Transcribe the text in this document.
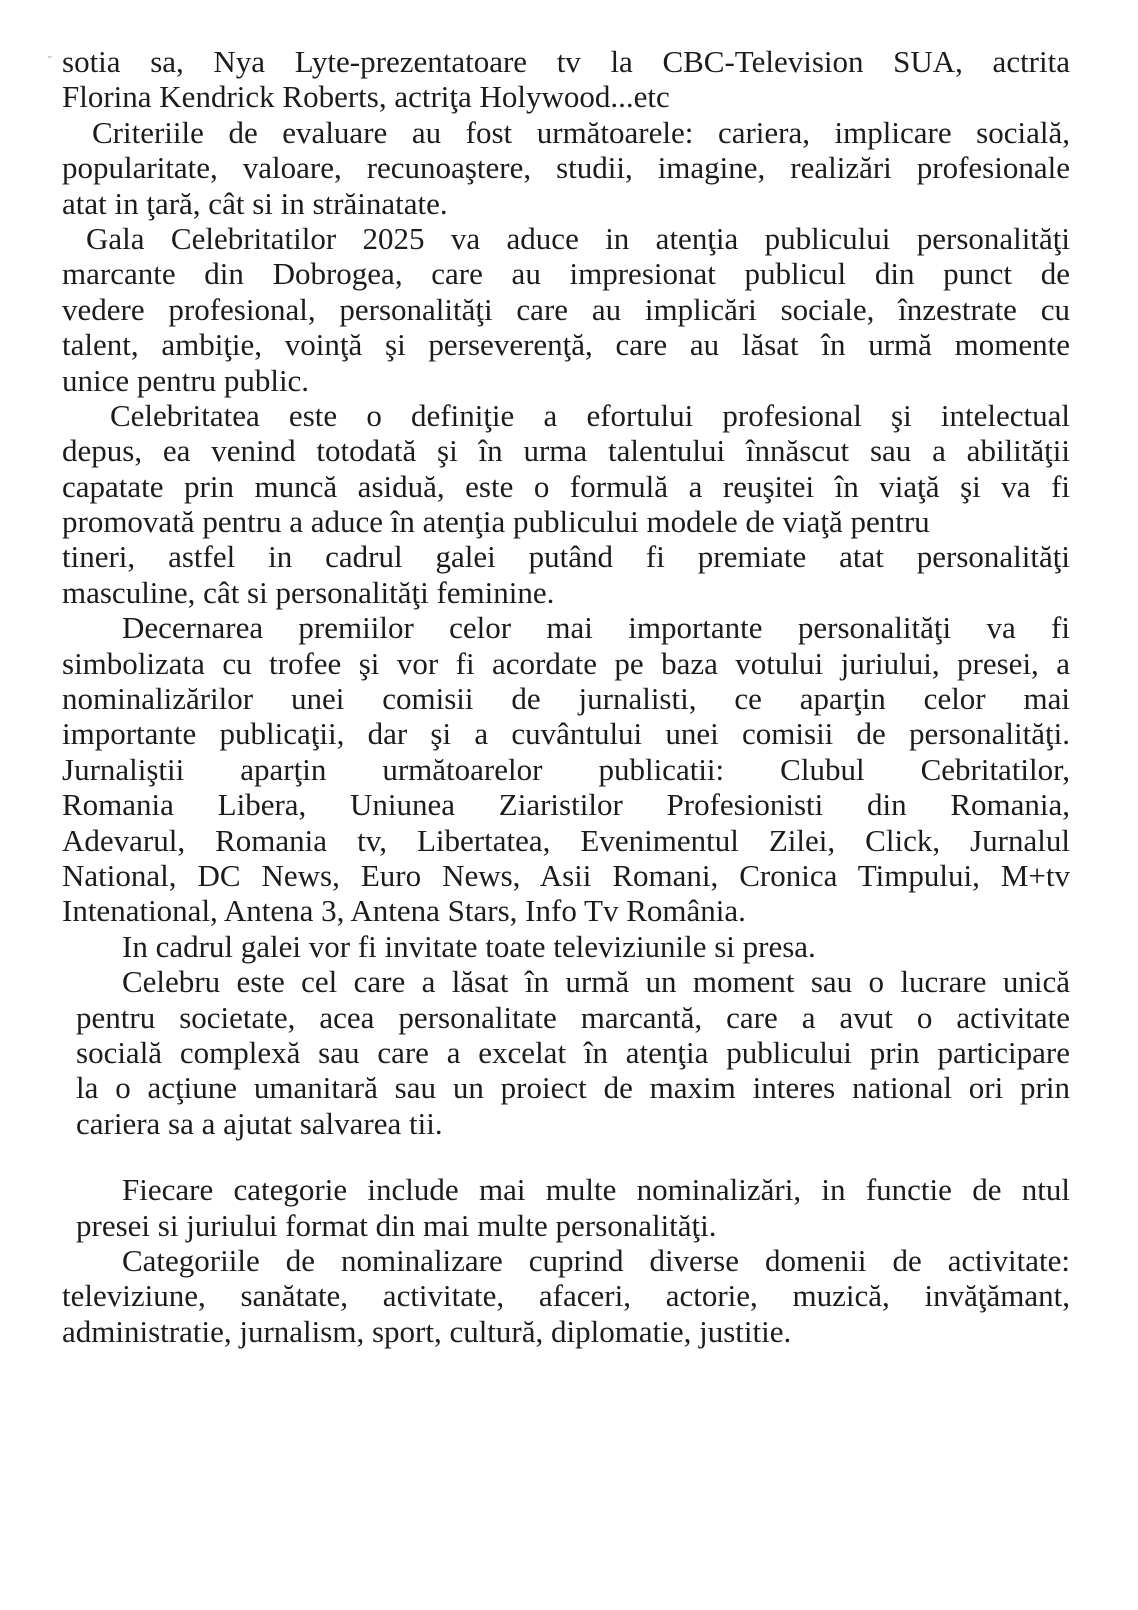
⌄ sotia sa, Nya Lyte-prezentatoare tv la CBC-Television SUA, actrita
Florina Kendrick Roberts, actriţa Holywood...etc
Criteriile de evaluare au fost următoarele: cariera, implicare socială,
popularitate, valoare, recunoaştere, studii, imagine, realizări profesionale
atat in ţară, cât si in străinatate.
Gala Celebritatilor 2025 va aduce in atenţia publicului personalităţi
marcante din Dobrogea, care au impresionat publicul din punct de
vedere profesional, personalităţi care au implicări sociale, înzestrate cu
talent, ambiţie, voinţă şi perseverenţă, care au lăsat în urmă momente
unice pentru public.
Celebritatea este o definiţie a efortului profesional şi intelectual
depus, ea venind totodată şi în urma talentului înnăscut sau a abilităţii
capatate prin muncă asiduă, este o formulă a reuşitei în viaţă şi va fi
promovată pentru a aduce în atenţia publicului modele de viaţă pentru
tineri, astfel in cadrul galei putând fi premiate atat personalităţi
masculine, cât si personalităţi feminine.
Decernarea premiilor celor mai importante personalităţi va fi
simbolizata cu trofee şi vor fi acordate pe baza votului juriului, presei, a
nominalizărilor unei comisii de jurnalisti, ce aparţin celor mai
importante publicaţii, dar şi a cuvântului unei comisii de personalităţi.
Jurnaliştii aparţin următoarelor publicatii: Clubul Cebritatilor,
Romania Libera, Uniunea Ziaristilor Profesionisti din Romania,
Adevarul, Romania tv, Libertatea, Evenimentul Zilei, Click, Jurnalul
National, DC News, Euro News, Asii Romani, Cronica Timpului, M+tv
Intenational, Antena 3, Antena Stars, Info Tv România.
In cadrul galei vor fi invitate toate televiziunile si presa.
Celebru este cel care a lăsat în urmă un moment sau o lucrare unică
pentru societate, acea personalitate marcantă, care a avut o activitate
socială complexă sau care a excelat în atenţia publicului prin participare
la o acţiune umanitară sau un proiect de maxim interes national ori prin
cariera sa a ajutat salvarea tii.
Fiecare categorie include mai multe nominalizări, in functie de ntul
presei si juriului format din mai multe personalităţi.
Categoriile de nominalizare cuprind diverse domenii de activitate:
televiziune, sanătate, activitate, afaceri, actorie, muzică, invăţămant,
administratie, jurnalism, sport, cultură, diplomatie, justitie.
